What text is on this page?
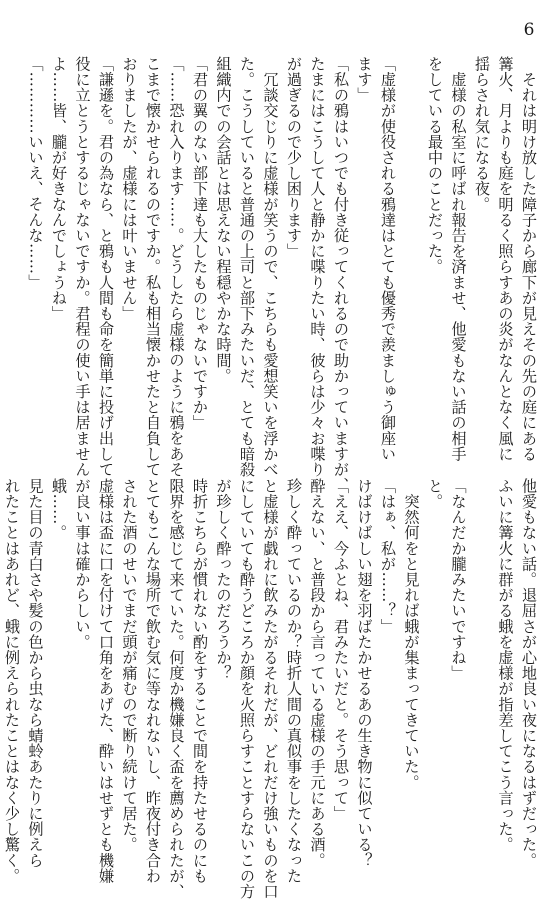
6
　それは明け放した障子から廊下が見えその先の庭にある
篝火、月よりも庭を明るく照らすあの炎がなんとなく風に
揺らされ気になる夜。
　虚様の私室に呼ばれ報告を済ませ、他愛もない話の相手
をしている最中のことだった。

「虚様が使役される鴉達はとても優秀で羨ましゅう御座い
ます」
「私の鴉はいつでも付き従ってくれるので助かっていますが、
たまにはこうして人と静かに喋りたい時、彼らは少々お喋り
が過ぎるので少し困ります」
　冗談交じりに虚様が笑うので、こちらも愛想笑いを浮かべ
た。こうしていると普通の上司と部下みたいだ、とても暗殺
組織内での会話とは思えない程穏やかな時間。
「君の翼のない部下達も大したものじゃないですか」
「……恐れ入ります……。どうしたら虚様のように鴉をあそ
こまで懐かせられるのですか。私も相当懐かせたと自負して
おりましたが、虚様には叶いません」
「謙遜を。君の為なら、と鴉も人間も命を簡単に投げ出して
役に立とうとするじゃないですか。君程の使い手は居ません
よ……皆、朧が好きなんでしょうね」
「…………いいえ、そんな……」
他愛もない話。退屈さが心地良い夜になるはずだった。
ふいに篝火に群がる蛾を虚様が指差してこう言った。

「なんだか朧みたいですね」
と。
　突然何をと見れば蛾が集まってきていた。
「はぁ、私が……？」
けばけばしい翅を羽ばたかせるあの生き物に似ている？
「ええ、今ふとね、君みたいだと。そう思って」
酔えない、と普段から言っている虚様の手元にある酒。
珍しく酔っているのか？時折人間の真似事をしたくなった
と虚様が戯れに飲みたがるそれだが、どれだけ強いものを口
にしていても酔うどころか顔を火照らすことすらないこの方
が珍しく酔ったのだろうか？
時折こちらが慣れない酌をすることで間を持たせるのにも
限界を感じて来ていた。何度か機嫌良く盃を薦められたが、
とてもこんな場所で飲む気に等なれないし、昨夜付き合わ
された酒のせいでまだ頭が痛むので断り続けて居た。
虚様は盃に口を付けて口角をあげた、酔いはせずとも機嫌
が良い事は確からしい。
蛾……。
見た目の青白さや髪の色から虫なら蜻蛉あたりに例えら
れたことはあれど、蛾に例えられたことはなく少し驚く。
